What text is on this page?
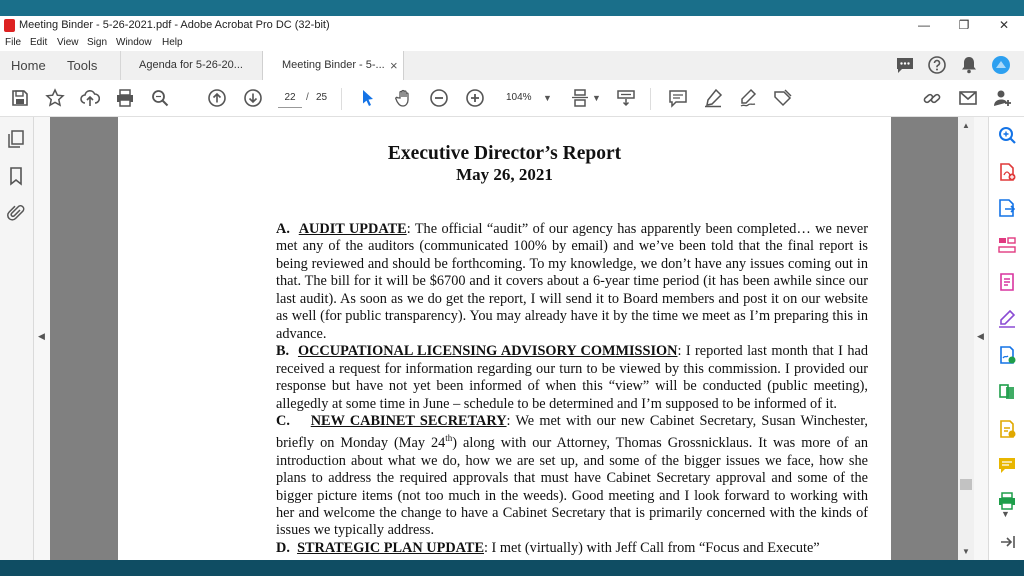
Meeting Binder - 5-26-2021.pdf - Adobe Acrobat Pro DC (32-bit)	—	❐	✕
File Edit View Sign Window Help
Home Tools	Agenda for 5-26-20...	Meeting Binder - 5-... ×
22	/ 25	104% ▼	▼
◀
Executive Director’s Report
May 26, 2021

A. AUDIT UPDATE: The official “audit” of our agency has apparently been completed… we never met any of the auditors (communicated 100% by email) and we’ve been told that the final report is being reviewed and should be forthcoming. To my knowledge, we don’t have any issues coming out in that. The bill for it will be $6700 and it covers about a 6-year time period (it has been awhile since our last audit). As soon as we do get the report, I will send it to Board members and post it on our website as well (for public transparency). You may already have it by the time we meet as I’m preparing this in advance.

B. OCCUPATIONAL LICENSING ADVISORY COMMISSION: I reported last month that I had received a request for information regarding our turn to be viewed by this commission. I provided our response but have not yet been informed of when this “view” will be conducted (public meeting), allegedly at some time in June – schedule to be determined and I’m supposed to be informed of it.

C. NEW CABINET SECRETARY: We met with our new Cabinet Secretary, Susan Winchester, briefly on Monday (May 24th) along with our Attorney, Thomas Grossnicklaus. It was more of an introduction about what we do, how we are set up, and some of the bigger issues we face, how she plans to address the required approvals that must have Cabinet Secretary approval and some of the bigger picture items (not too much in the weeds). Good meeting and I look forward to working with her and welcome the change to have a Cabinet Secretary that is primarily concerned with the kinds of issues we typically address.

D. STRATEGIC PLAN UPDATE: I met (virtually) with Jeff Call from “Focus and Execute”

▲
▼
◀
▼
